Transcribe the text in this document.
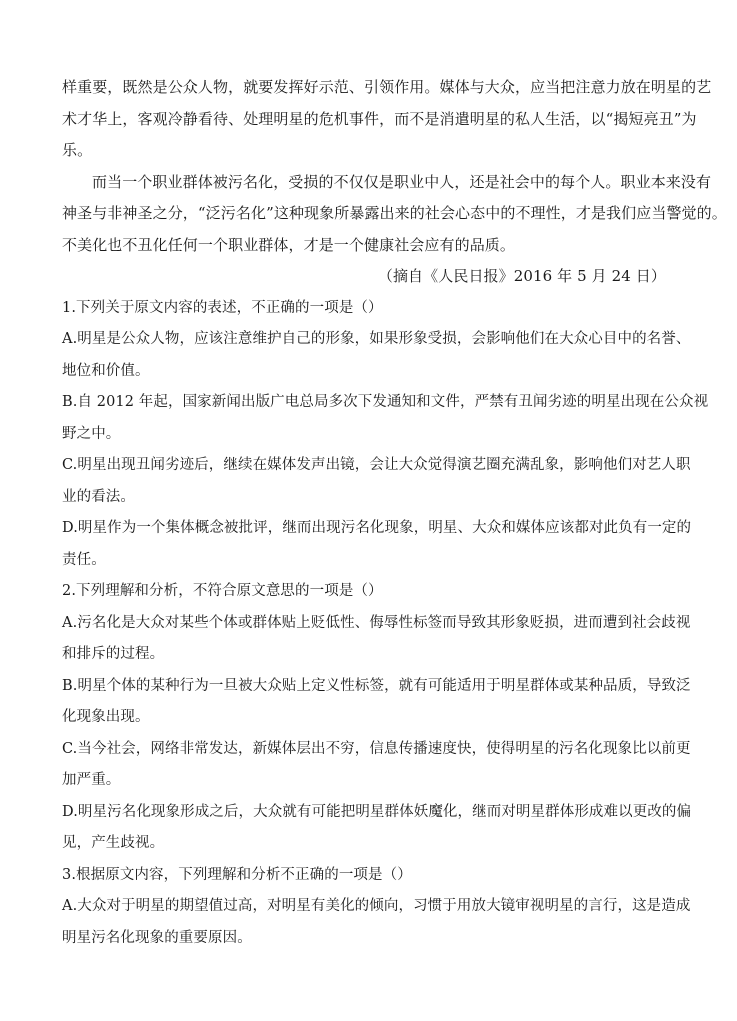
样重要，既然是公众人物，就要发挥好示范、引领作用。媒体与大众，应当把注意力放在明星的艺
术才华上，客观冷静看待、处理明星的危机事件，而不是消遣明星的私人生活，以“揭短亮丑”为
乐。
而当一个职业群体被污名化，受损的不仅仅是职业中人，还是社会中的每个人。职业本来没有
神圣与非神圣之分，“泛污名化”这种现象所暴露出来的社会心态中的不理性，才是我们应当警觉的。
不美化也不丑化任何一个职业群体，才是一个健康社会应有的品质。
（摘自《人民日报》2016 年 5 月 24 日）
1.下列关于原文内容的表述，不正确的一项是（）
A.明星是公众人物，应该注意维护自己的形象，如果形象受损，会影响他们在大众心目中的名誉、
地位和价值。
B.自 2012 年起，国家新闻出版广电总局多次下发通知和文件，严禁有丑闻劣迹的明星出现在公众视
野之中。
C.明星出现丑闻劣迹后，继续在媒体发声出镜，会让大众觉得演艺圈充满乱象，影响他们对艺人职
业的看法。
D.明星作为一个集体概念被批评，继而出现污名化现象，明星、大众和媒体应该都对此负有一定的
责任。
2.下列理解和分析，不符合原文意思的一项是（）
A.污名化是大众对某些个体或群体贴上贬低性、侮辱性标签而导致其形象贬损，进而遭到社会歧视
和排斥的过程。
B.明星个体的某种行为一旦被大众贴上定义性标签，就有可能适用于明星群体或某种品质，导致泛
化现象出现。
C.当今社会，网络非常发达，新媒体层出不穷，信息传播速度快，使得明星的污名化现象比以前更
加严重。
D.明星污名化现象形成之后，大众就有可能把明星群体妖魔化，继而对明星群体形成难以更改的偏
见，产生歧视。
3.根据原文内容，下列理解和分析不正确的一项是（）
A.大众对于明星的期望值过高，对明星有美化的倾向，习惯于用放大镜审视明星的言行，这是造成
明星污名化现象的重要原因。
